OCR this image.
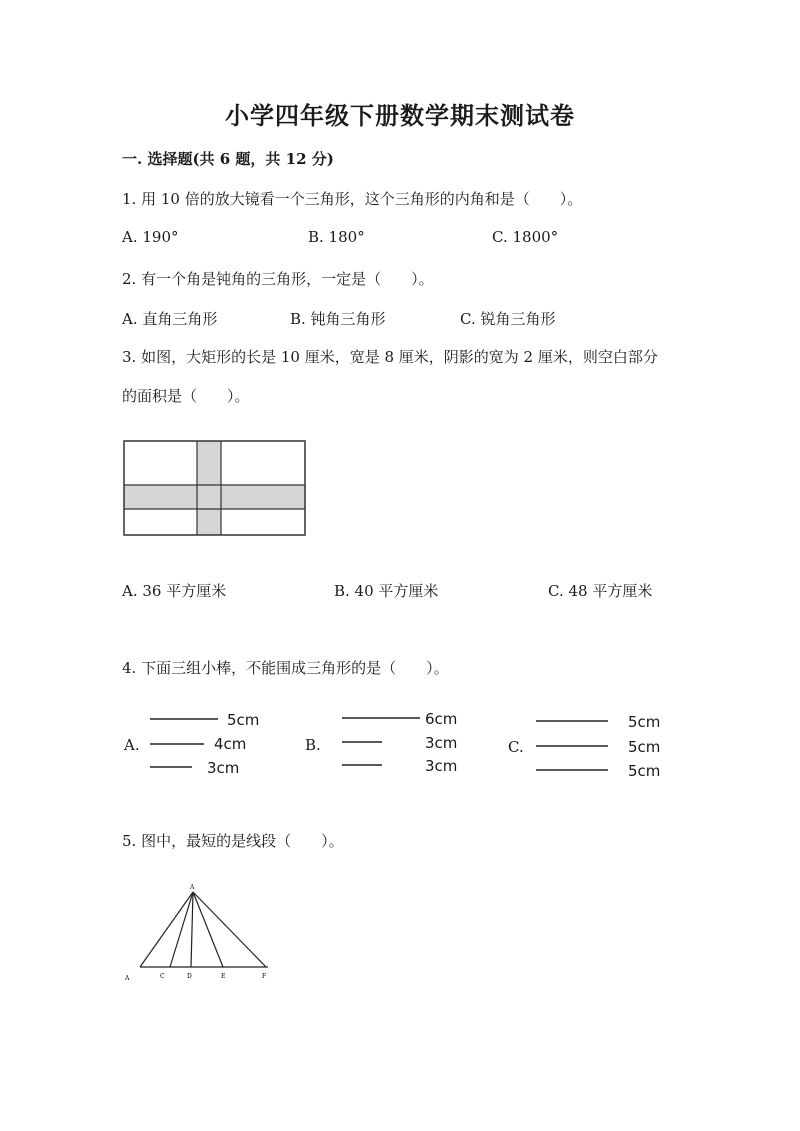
小学四年级下册数学期末测试卷
一. 选择题(共 6 题，共 12 分)
1. 用 10 倍的放大镜看一个三角形，这个三角形的内角和是（　　）。
A. 190°	B. 180°	C. 1800°
2. 有一个角是钝角的三角形，一定是（　　）。
A. 直角三角形	B. 钝角三角形	C. 锐角三角形
3. 如图，大矩形的长是 10 厘米，宽是 8 厘米，阴影的宽为 2 厘米，则空白部分
的面积是（　　）。
A. 36 平方厘米	B. 40 平方厘米	C. 48 平方厘米
4. 下面三组小棒，不能围成三角形的是（　　）。
A.
5cm
4cm
3cm
B.
6cm
3cm
3cm
C.
5cm
5cm
5cm
5. 图中，最短的是线段（　　）。
A
A	C	D	E	F
